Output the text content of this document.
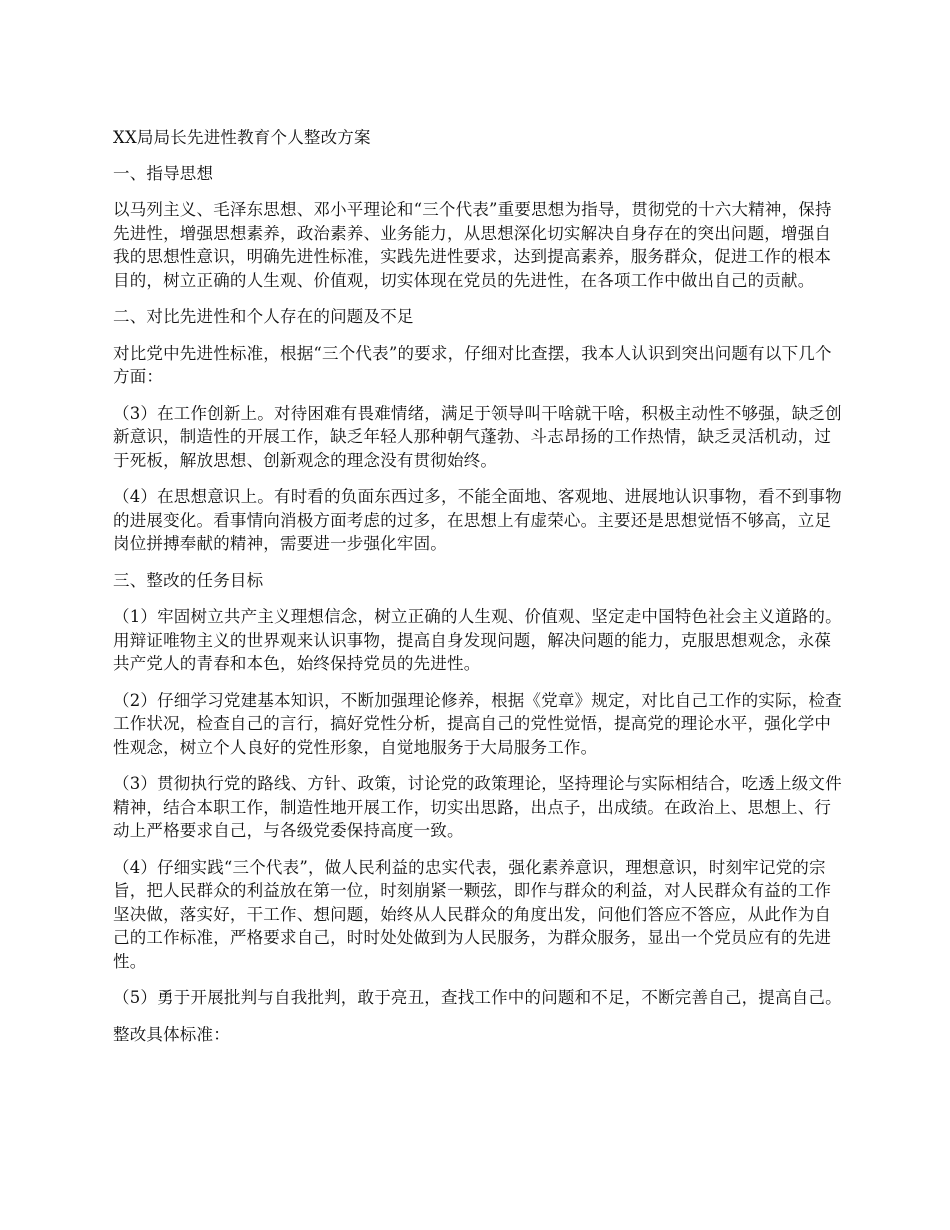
XX局局长先进性教育个人整改方案

一、指导思想

以马列主义、毛泽东思想、邓小平理论和“三个代表”重要思想为指导，贯彻党的十六大精神，保持先进性，增强思想素养，政治素养、业务能力，从思想深化切实解决自身存在的突出问题，增强自我的思想性意识，明确先进性标准，实践先进性要求，达到提高素养，服务群众，促进工作的根本目的，树立正确的人生观、价值观，切实体现在党员的先进性，在各项工作中做出自己的贡献。

二、对比先进性和个人存在的问题及不足

对比党中先进性标准，根据“三个代表”的要求，仔细对比查摆，我本人认识到突出问题有以下几个方面：

（3）在工作创新上。对待困难有畏难情绪，满足于领导叫干啥就干啥，积极主动性不够强，缺乏创新意识，制造性的开展工作，缺乏年轻人那种朝气蓬勃、斗志昂扬的工作热情，缺乏灵活机动，过于死板，解放思想、创新观念的理念没有贯彻始终。

（4）在思想意识上。有时看的负面东西过多，不能全面地、客观地、进展地认识事物，看不到事物的进展变化。看事情向消极方面考虑的过多，在思想上有虚荣心。主要还是思想觉悟不够高，立足岗位拼搏奉献的精神，需要进一步强化牢固。

三、整改的任务目标

（1）牢固树立共产主义理想信念，树立正确的人生观、价值观、坚定走中国特色社会主义道路的。用辩证唯物主义的世界观来认识事物，提高自身发现问题，解决问题的能力，克服思想观念，永葆共产党人的青春和本色，始终保持党员的先进性。

（2）仔细学习党建基本知识，不断加强理论修养，根据《党章》规定，对比自己工作的实际，检查工作状况，检查自己的言行，搞好党性分析，提高自己的党性觉悟，提高党的理论水平，强化学中性观念，树立个人良好的党性形象，自觉地服务于大局服务工作。

（3）贯彻执行党的路线、方针、政策，讨论党的政策理论，坚持理论与实际相结合，吃透上级文件精神，结合本职工作，制造性地开展工作，切实出思路，出点子，出成绩。在政治上、思想上、行动上严格要求自己，与各级党委保持高度一致。

（4）仔细实践“三个代表”，做人民利益的忠实代表，强化素养意识，理想意识，时刻牢记党的宗旨，把人民群众的利益放在第一位，时刻崩紧一颗弦，即作与群众的利益，对人民群众有益的工作坚决做，落实好，干工作、想问题，始终从人民群众的角度出发，问他们答应不答应，从此作为自己的工作标准，严格要求自己，时时处处做到为人民服务，为群众服务，显出一个党员应有的先进性。

（5）勇于开展批判与自我批判，敢于亮丑，查找工作中的问题和不足，不断完善自己，提高自己。

整改具体标准：
